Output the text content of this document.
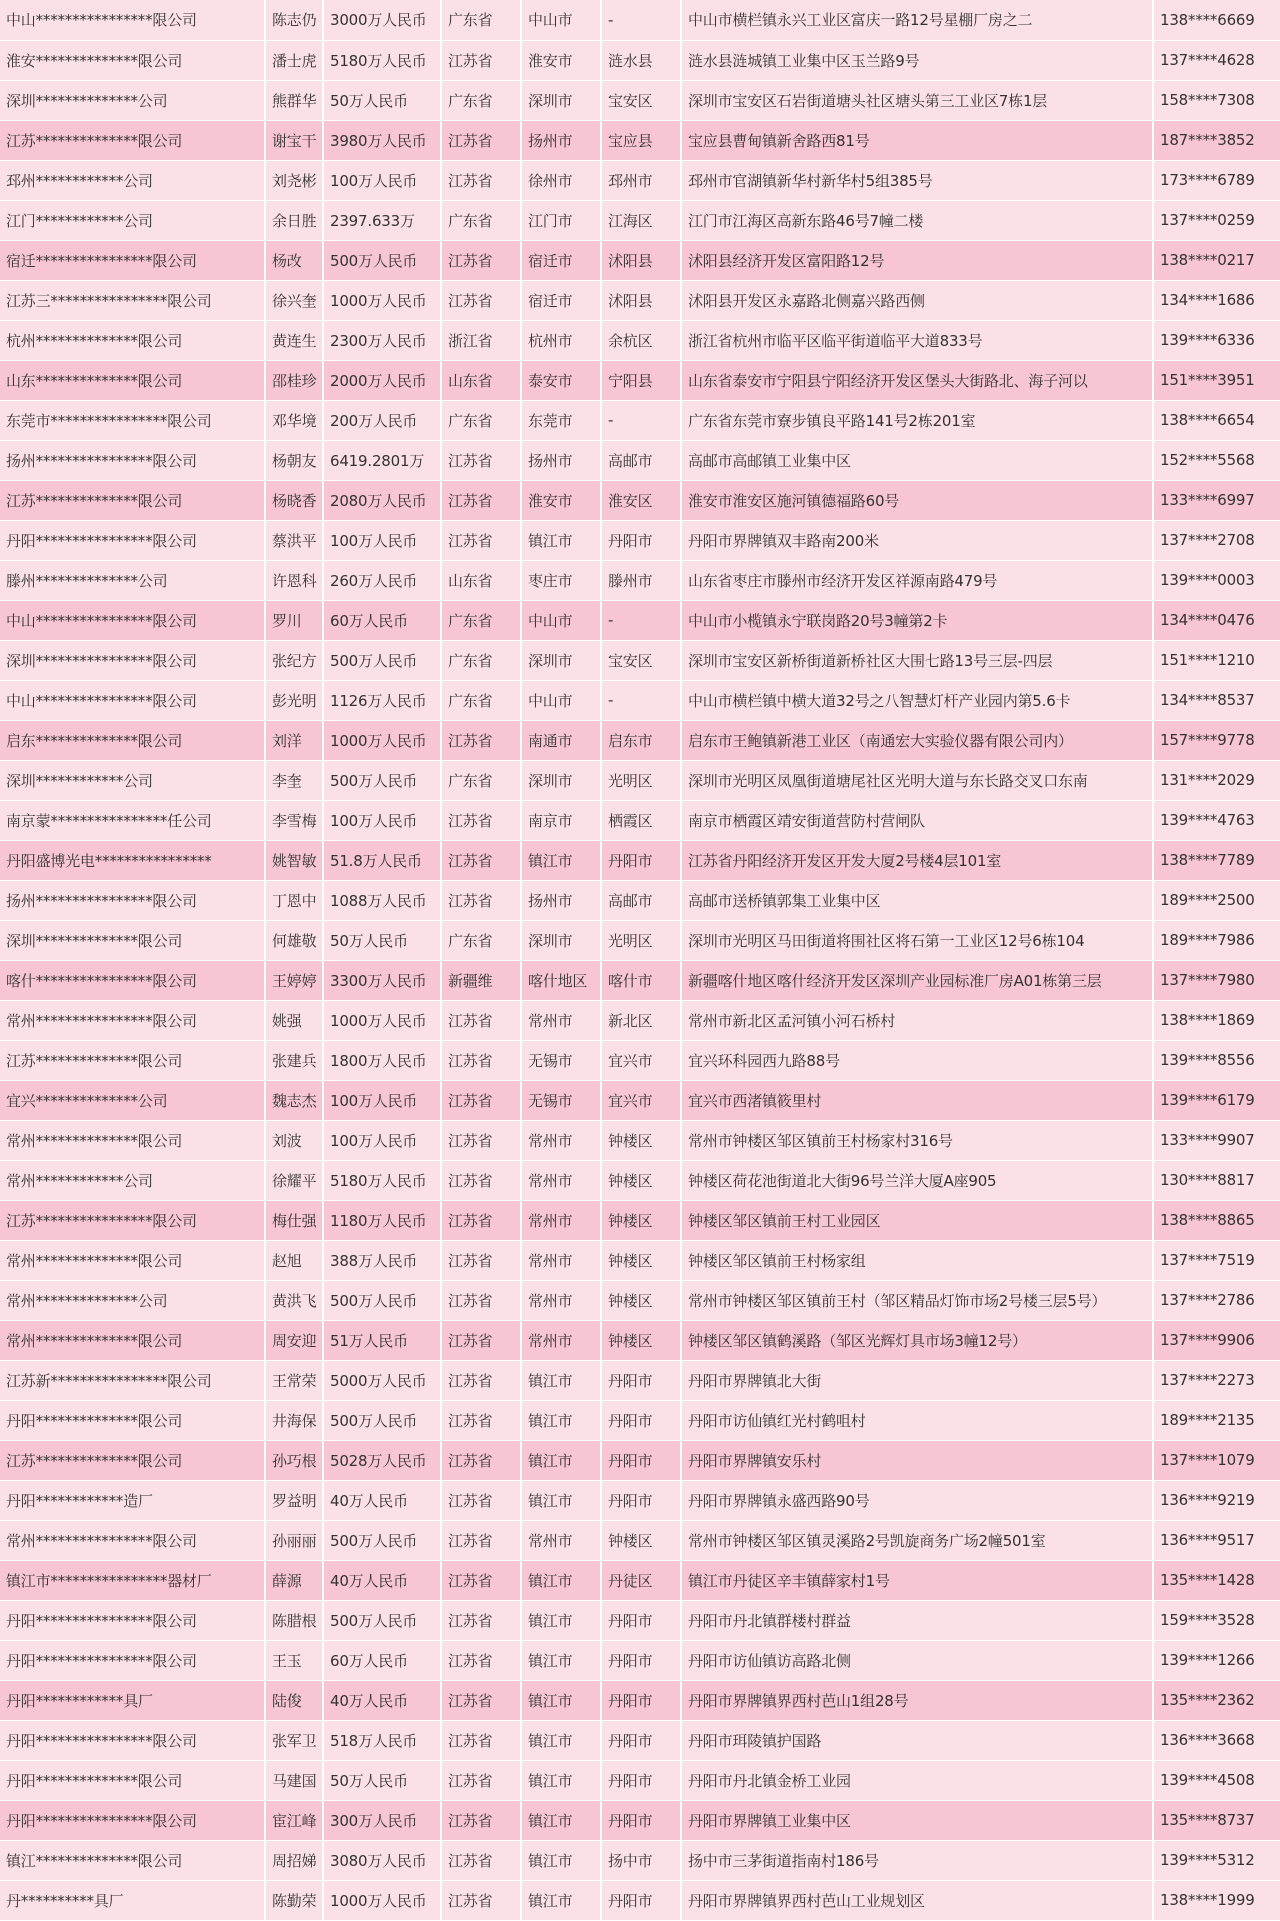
中山****************限公司	陈志仍	3000万人民币	广东省	中山市	-	中山市横栏镇永兴工业区富庆一路12号星棚厂房之二	138****6669
淮安**************限公司	潘士虎	5180万人民币	江苏省	淮安市	涟水县	涟水县涟城镇工业集中区玉兰路9号	137****4628
深圳**************公司	熊群华	50万人民币	广东省	深圳市	宝安区	深圳市宝安区石岩街道塘头社区塘头第三工业区7栋1层	158****7308
江苏**************限公司	谢宝干	3980万人民币	江苏省	扬州市	宝应县	宝应县曹甸镇新舍路西81号	187****3852
邳州************公司	刘尧彬	100万人民币	江苏省	徐州市	邳州市	邳州市官湖镇新华村新华村5组385号	173****6789
江门************公司	余日胜	2397.633万	广东省	江门市	江海区	江门市江海区高新东路46号7幢二楼	137****0259
宿迁****************限公司	杨改	500万人民币	江苏省	宿迁市	沭阳县	沭阳县经济开发区富阳路12号	138****0217
江苏三****************限公司	徐兴奎	1000万人民币	江苏省	宿迁市	沭阳县	沭阳县开发区永嘉路北侧嘉兴路西侧	134****1686
杭州**************限公司	黄连生	2300万人民币	浙江省	杭州市	余杭区	浙江省杭州市临平区临平街道临平大道833号	139****6336
山东**************限公司	邵桂珍	2000万人民币	山东省	泰安市	宁阳县	山东省泰安市宁阳县宁阳经济开发区堡头大街路北、海子河以	151****3951
东莞市****************限公司	邓华境	200万人民币	广东省	东莞市	-	广东省东莞市寮步镇良平路141号2栋201室	138****6654
扬州****************限公司	杨朝友	6419.2801万	江苏省	扬州市	高邮市	高邮市高邮镇工业集中区	152****5568
江苏**************限公司	杨晓香	2080万人民币	江苏省	淮安市	淮安区	淮安市淮安区施河镇德福路60号	133****6997
丹阳****************限公司	蔡洪平	100万人民币	江苏省	镇江市	丹阳市	丹阳市界牌镇双丰路南200米	137****2708
滕州**************公司	许恩科	260万人民币	山东省	枣庄市	滕州市	山东省枣庄市滕州市经济开发区祥源南路479号	139****0003
中山****************限公司	罗川	60万人民币	广东省	中山市	-	中山市小榄镇永宁联岗路20号3幢第2卡	134****0476
深圳****************限公司	张纪方	500万人民币	广东省	深圳市	宝安区	深圳市宝安区新桥街道新桥社区大围七路13号三层-四层	151****1210
中山****************限公司	彭光明	1126万人民币	广东省	中山市	-	中山市横栏镇中横大道32号之八智慧灯杆产业园内第5.6卡	134****8537
启东**************限公司	刘洋	1000万人民币	江苏省	南通市	启东市	启东市王鲍镇新港工业区（南通宏大实验仪器有限公司内）	157****9778
深圳************公司	李奎	500万人民币	广东省	深圳市	光明区	深圳市光明区凤凰街道塘尾社区光明大道与东长路交叉口东南	131****2029
南京蒙****************任公司	李雪梅	100万人民币	江苏省	南京市	栖霞区	南京市栖霞区靖安街道营防村营闸队	139****4763
丹阳盛博光电****************	姚智敏	51.8万人民币	江苏省	镇江市	丹阳市	江苏省丹阳经济开发区开发大厦2号楼4层101室	138****7789
扬州****************限公司	丁恩中	1088万人民币	江苏省	扬州市	高邮市	高邮市送桥镇郭集工业集中区	189****2500
深圳**************限公司	何雄敬	50万人民币	广东省	深圳市	光明区	深圳市光明区马田街道将围社区将石第一工业区12号6栋104	189****7986
喀什****************限公司	王婷婷	3300万人民币	新疆维	喀什地区	喀什市	新疆喀什地区喀什经济开发区深圳产业园标准厂房A01栋第三层	137****7980
常州****************限公司	姚强	1000万人民币	江苏省	常州市	新北区	常州市新北区孟河镇小河石桥村	138****1869
江苏**************限公司	张建兵	1800万人民币	江苏省	无锡市	宜兴市	宜兴环科园西九路88号	139****8556
宜兴**************公司	魏志杰	100万人民币	江苏省	无锡市	宜兴市	宜兴市西渚镇筱里村	139****6179
常州**************限公司	刘波	100万人民币	江苏省	常州市	钟楼区	常州市钟楼区邹区镇前王村杨家村316号	133****9907
常州************公司	徐耀平	5180万人民币	江苏省	常州市	钟楼区	钟楼区荷花池街道北大街96号兰洋大厦A座905	130****8817
江苏****************限公司	梅仕强	1180万人民币	江苏省	常州市	钟楼区	钟楼区邹区镇前王村工业园区	138****8865
常州**************限公司	赵旭	388万人民币	江苏省	常州市	钟楼区	钟楼区邹区镇前王村杨家组	137****7519
常州**************公司	黄洪飞	500万人民币	江苏省	常州市	钟楼区	常州市钟楼区邹区镇前王村（邹区精品灯饰市场2号楼三层5号）	137****2786
常州**************限公司	周安迎	51万人民币	江苏省	常州市	钟楼区	钟楼区邹区镇鹤溪路（邹区光辉灯具市场3幢12号）	137****9906
江苏新****************限公司	王常荣	5000万人民币	江苏省	镇江市	丹阳市	丹阳市界牌镇北大街	137****2273
丹阳**************限公司	井海保	500万人民币	江苏省	镇江市	丹阳市	丹阳市访仙镇红光村鹤咀村	189****2135
江苏**************限公司	孙巧根	5028万人民币	江苏省	镇江市	丹阳市	丹阳市界牌镇安乐村	137****1079
丹阳************造厂	罗益明	40万人民币	江苏省	镇江市	丹阳市	丹阳市界牌镇永盛西路90号	136****9219
常州****************限公司	孙丽丽	500万人民币	江苏省	常州市	钟楼区	常州市钟楼区邹区镇灵溪路2号凯旋商务广场2幢501室	136****9517
镇江市****************器材厂	薛源	40万人民币	江苏省	镇江市	丹徒区	镇江市丹徒区辛丰镇薛家村1号	135****1428
丹阳****************限公司	陈腊根	500万人民币	江苏省	镇江市	丹阳市	丹阳市丹北镇群楼村群益	159****3528
丹阳****************限公司	王玉	60万人民币	江苏省	镇江市	丹阳市	丹阳市访仙镇访高路北侧	139****1266
丹阳************具厂	陆俊	40万人民币	江苏省	镇江市	丹阳市	丹阳市界牌镇界西村芭山1组28号	135****2362
丹阳****************限公司	张军卫	518万人民币	江苏省	镇江市	丹阳市	丹阳市珥陵镇护国路	136****3668
丹阳**************限公司	马建国	50万人民币	江苏省	镇江市	丹阳市	丹阳市丹北镇金桥工业园	139****4508
丹阳****************限公司	宦江峰	300万人民币	江苏省	镇江市	丹阳市	丹阳市界牌镇工业集中区	135****8737
镇江**************限公司	周招娣	3080万人民币	江苏省	镇江市	扬中市	扬中市三茅街道指南村186号	139****5312
丹**********具厂	陈勤荣	1000万人民币	江苏省	镇江市	丹阳市	丹阳市界牌镇界西村芭山工业规划区	138****1999
